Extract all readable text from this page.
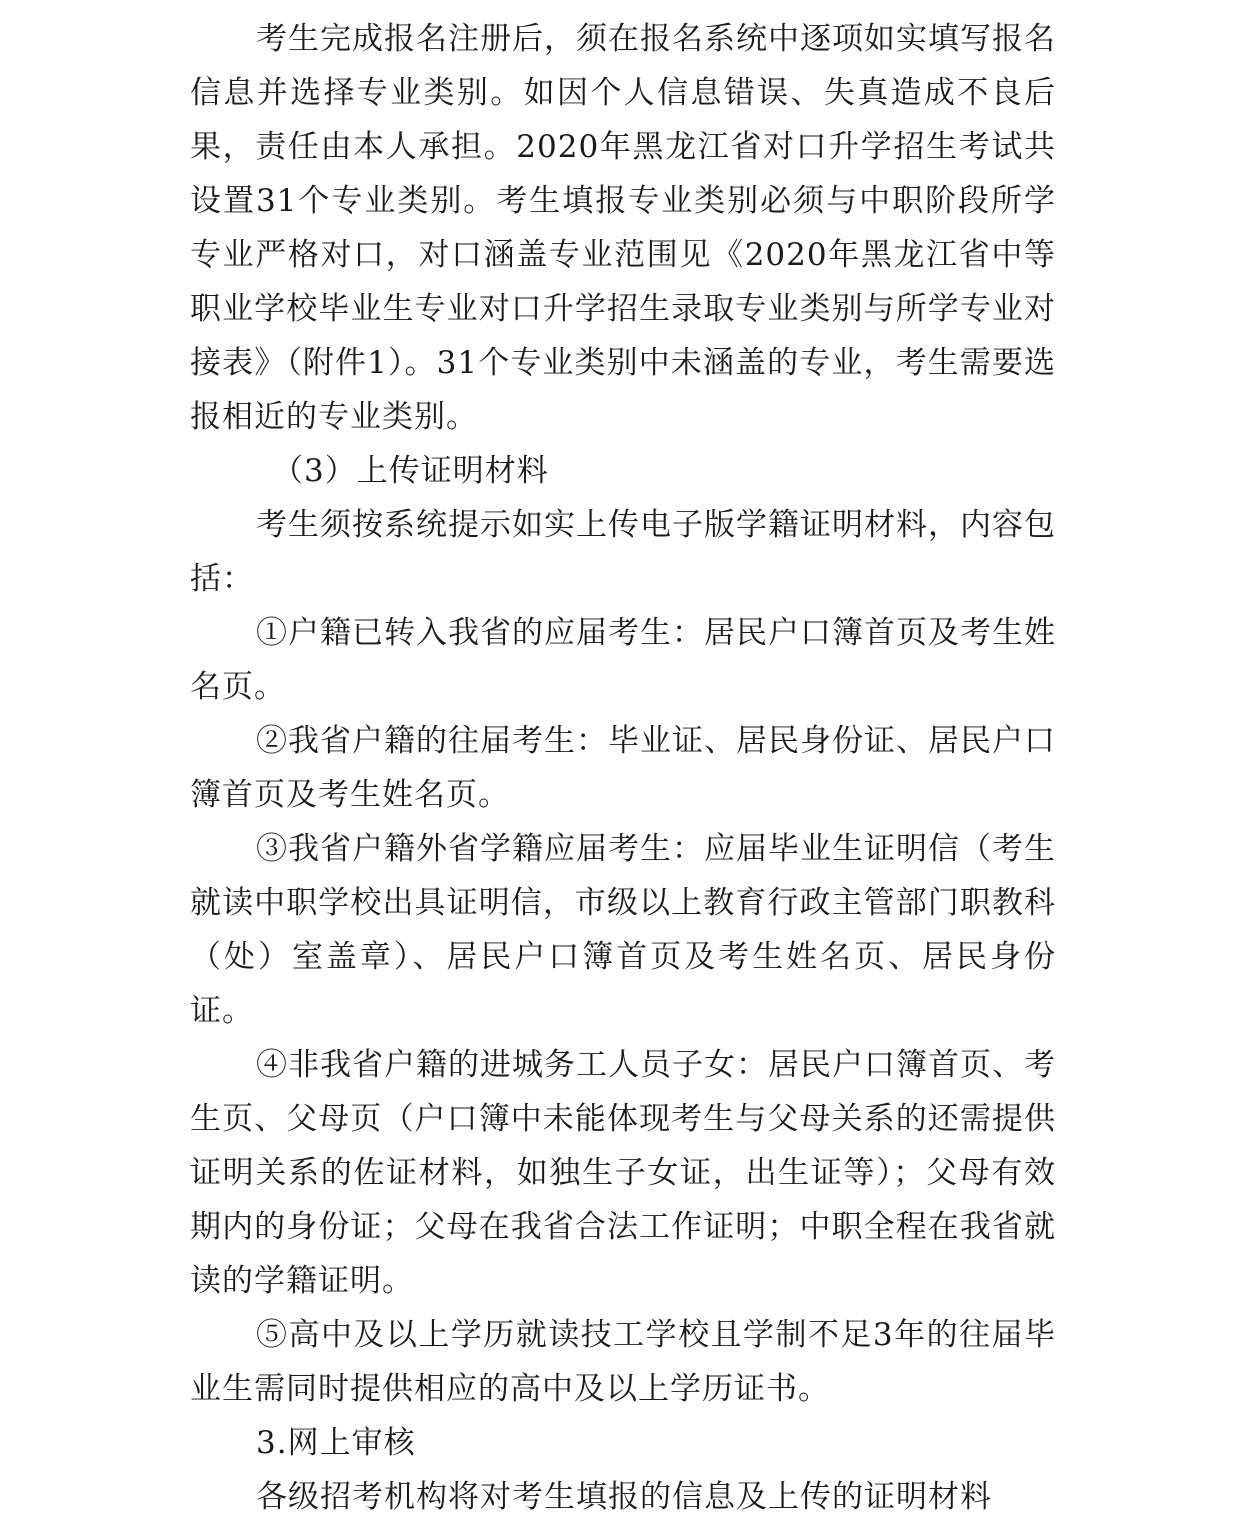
考生完成报名注册后，须在报名系统中逐项如实填写报名信息并选择专业类别。如因个人信息错误、失真造成不良后果，责任由本人承担。2020年黑龙江省对口升学招生考试共设置31个专业类别。考生填报专业类别必须与中职阶段所学专业严格对口，对口涵盖专业范围见《2020年黑龙江省中等职业学校毕业生专业对口升学招生录取专业类别与所学专业对接表》（附件1）。31个专业类别中未涵盖的专业，考生需要选报相近的专业类别。

（3）上传证明材料

考生须按系统提示如实上传电子版学籍证明材料，内容包括：

①户籍已转入我省的应届考生：居民户口簿首页及考生姓名页。

②我省户籍的往届考生：毕业证、居民身份证、居民户口簿首页及考生姓名页。

③我省户籍外省学籍应届考生：应届毕业生证明信（考生就读中职学校出具证明信，市级以上教育行政主管部门职教科（处）室盖章）、居民户口簿首页及考生姓名页、居民身份证。

④非我省户籍的进城务工人员子女：居民户口簿首页、考生页、父母页（户口簿中未能体现考生与父母关系的还需提供证明关系的佐证材料，如独生子女证，出生证等）；父母有效期内的身份证；父母在我省合法工作证明；中职全程在我省就读的学籍证明。

⑤高中及以上学历就读技工学校且学制不足3年的往届毕业生需同时提供相应的高中及以上学历证书。

3.网上审核

各级招考机构将对考生填报的信息及上传的证明材料
